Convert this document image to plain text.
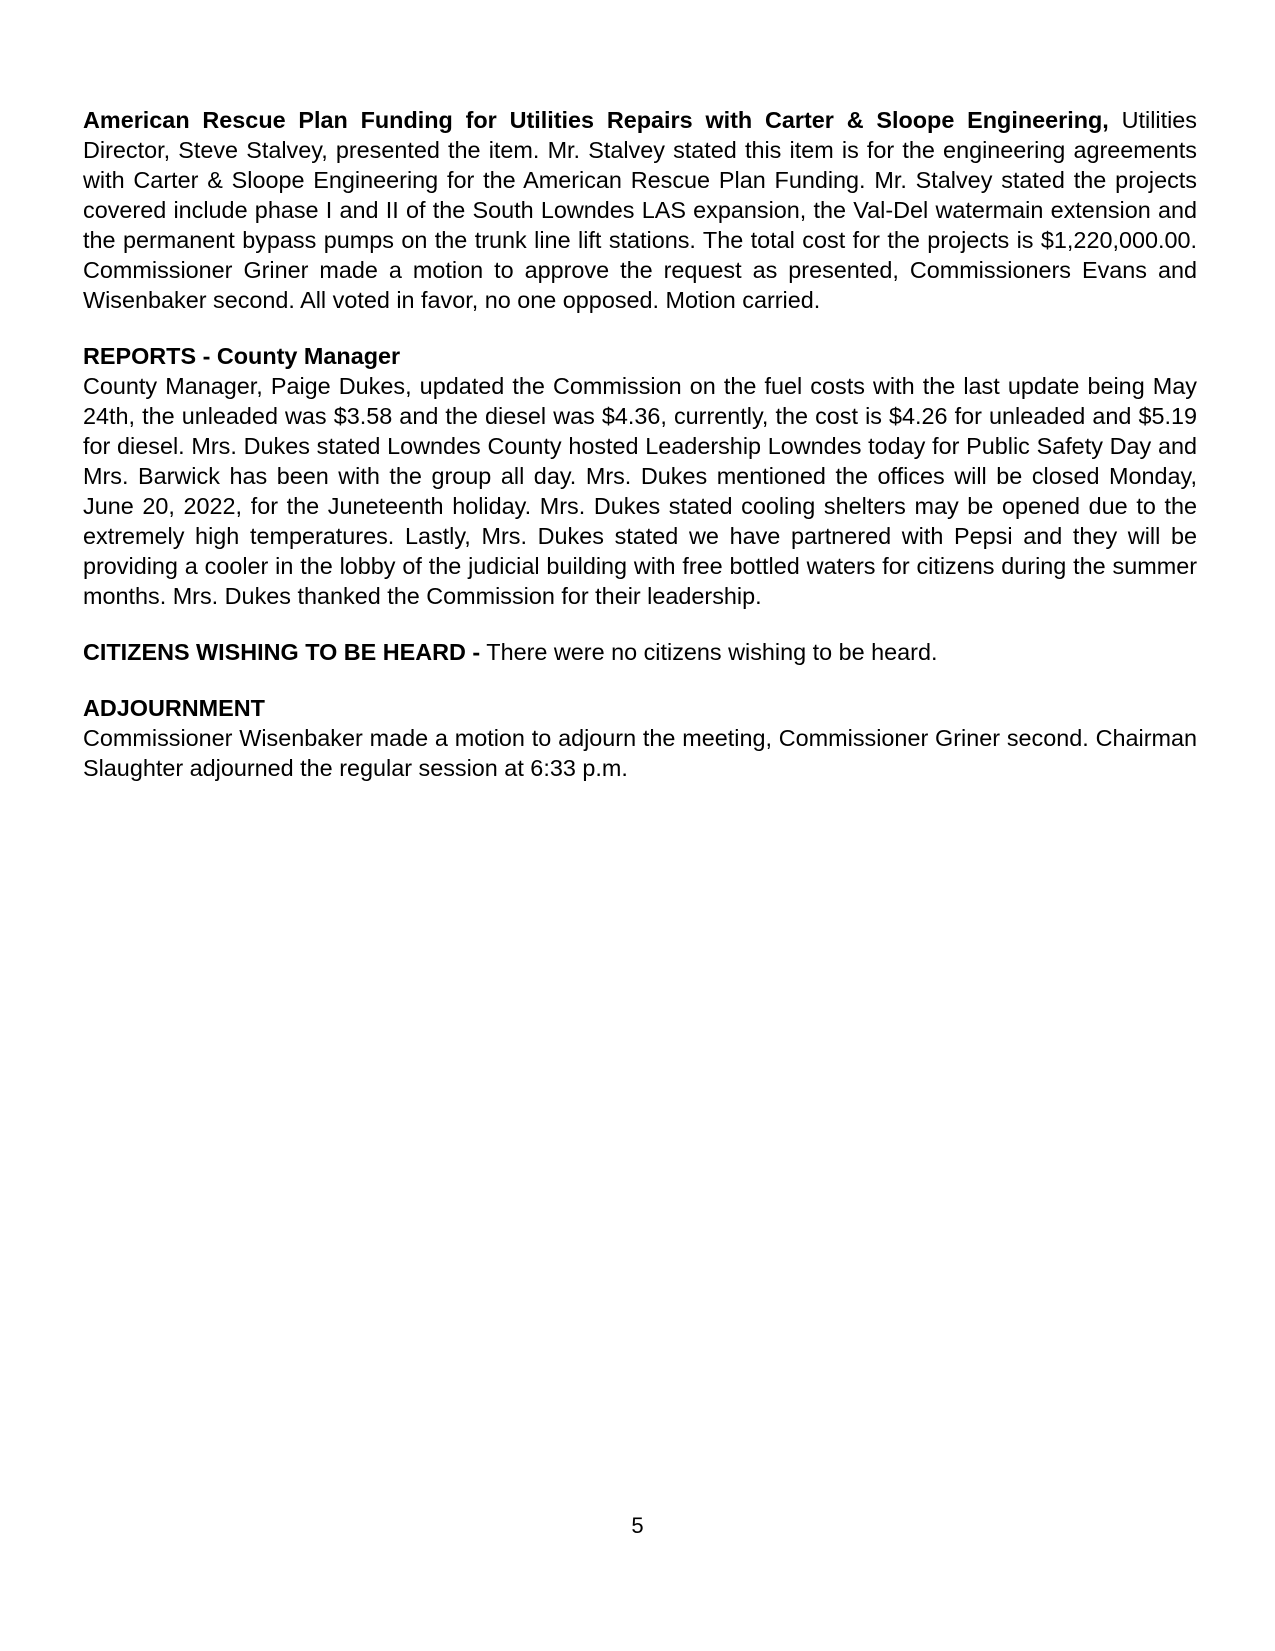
American Rescue Plan Funding for Utilities Repairs with Carter & Sloope Engineering, Utilities Director, Steve Stalvey, presented the item. Mr. Stalvey stated this item is for the engineering agreements with Carter & Sloope Engineering for the American Rescue Plan Funding. Mr. Stalvey stated the projects covered include phase I and II of the South Lowndes LAS expansion, the Val-Del watermain extension and the permanent bypass pumps on the trunk line lift stations. The total cost for the projects is $1,220,000.00. Commissioner Griner made a motion to approve the request as presented, Commissioners Evans and Wisenbaker second. All voted in favor, no one opposed. Motion carried.

REPORTS - County Manager

County Manager, Paige Dukes, updated the Commission on the fuel costs with the last update being May 24th, the unleaded was $3.58 and the diesel was $4.36, currently, the cost is $4.26 for unleaded and $5.19 for diesel. Mrs. Dukes stated Lowndes County hosted Leadership Lowndes today for Public Safety Day and Mrs. Barwick has been with the group all day. Mrs. Dukes mentioned the offices will be closed Monday, June 20, 2022, for the Juneteenth holiday. Mrs. Dukes stated cooling shelters may be opened due to the extremely high temperatures. Lastly, Mrs. Dukes stated we have partnered with Pepsi and they will be providing a cooler in the lobby of the judicial building with free bottled waters for citizens during the summer months. Mrs. Dukes thanked the Commission for their leadership.

CITIZENS WISHING TO BE HEARD - There were no citizens wishing to be heard.

ADJOURNMENT

Commissioner Wisenbaker made a motion to adjourn the meeting, Commissioner Griner second. Chairman Slaughter adjourned the regular session at 6:33 p.m.

5
